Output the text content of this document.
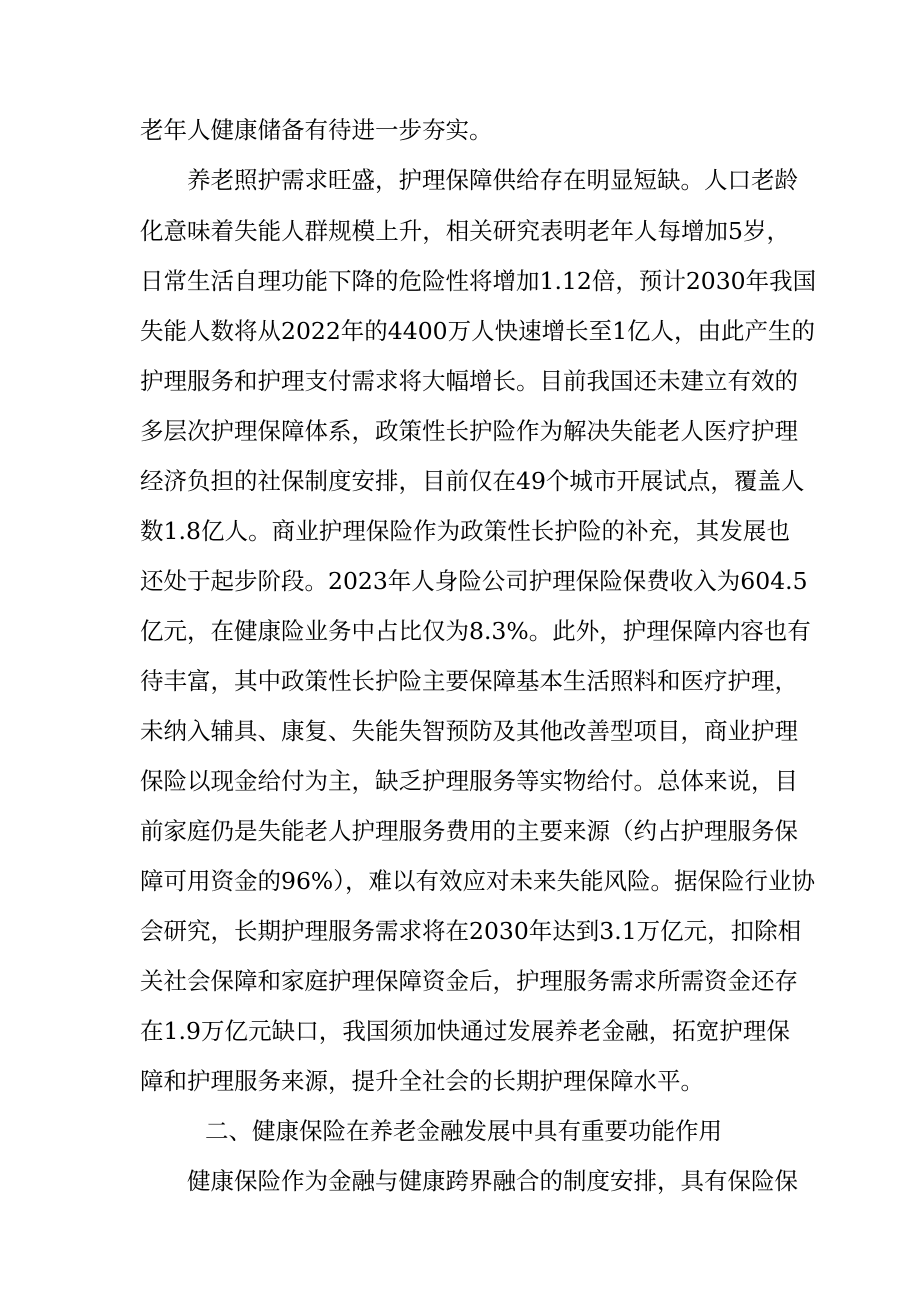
老年人健康储备有待进一步夯实。
养老照护需求旺盛，护理保障供给存在明显短缺。人口老龄
化意味着失能人群规模上升，相关研究表明老年人每增加5岁，
日常生活自理功能下降的危险性将增加1.12倍，预计2030年我国
失能人数将从2022年的4400万人快速增长至1亿人，由此产生的
护理服务和护理支付需求将大幅增长。目前我国还未建立有效的
多层次护理保障体系，政策性长护险作为解决失能老人医疗护理
经济负担的社保制度安排，目前仅在49个城市开展试点，覆盖人
数1.8亿人。商业护理保险作为政策性长护险的补充，其发展也
还处于起步阶段。2023年人身险公司护理保险保费收入为604.5
亿元，在健康险业务中占比仅为8.3%。此外，护理保障内容也有
待丰富，其中政策性长护险主要保障基本生活照料和医疗护理，
未纳入辅具、康复、失能失智预防及其他改善型项目，商业护理
保险以现金给付为主，缺乏护理服务等实物给付。总体来说，目
前家庭仍是失能老人护理服务费用的主要来源（约占护理服务保
障可用资金的96%），难以有效应对未来失能风险。据保险行业协
会研究，长期护理服务需求将在2030年达到3.1万亿元，扣除相
关社会保障和家庭护理保障资金后，护理服务需求所需资金还存
在1.9万亿元缺口，我国须加快通过发展养老金融，拓宽护理保
障和护理服务来源，提升全社会的长期护理保障水平。
二、健康保险在养老金融发展中具有重要功能作用
健康保险作为金融与健康跨界融合的制度安排，具有保险保
